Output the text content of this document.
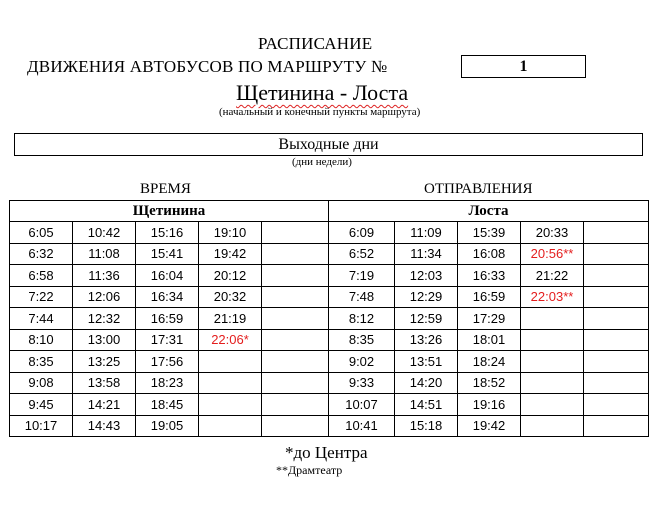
РАСПИСАНИЕ
ДВИЖЕНИЯ АВТОБУСОВ ПО МАРШРУТУ №	1
Щетинина - Лоста
(начальный и конечный пункты маршрута)
Выходные дни
(дни недели)
ВРЕМЯ	ОТПРАВЛЕНИЯ
Щетинина					Лоста				
6:05	10:42	15:16	19:10		6:09	11:09	15:39	20:33	
6:32	11:08	15:41	19:42		6:52	11:34	16:08	20:56**	
6:58	11:36	16:04	20:12		7:19	12:03	16:33	21:22	
7:22	12:06	16:34	20:32		7:48	12:29	16:59	22:03**	
7:44	12:32	16:59	21:19		8:12	12:59	17:29		
8:10	13:00	17:31	22:06*		8:35	13:26	18:01		
8:35	13:25	17:56			9:02	13:51	18:24		
9:08	13:58	18:23			9:33	14:20	18:52		
9:45	14:21	18:45			10:07	14:51	19:16		
10:17	14:43	19:05			10:41	15:18	19:42		
*до Центра
**Драмтеатр
